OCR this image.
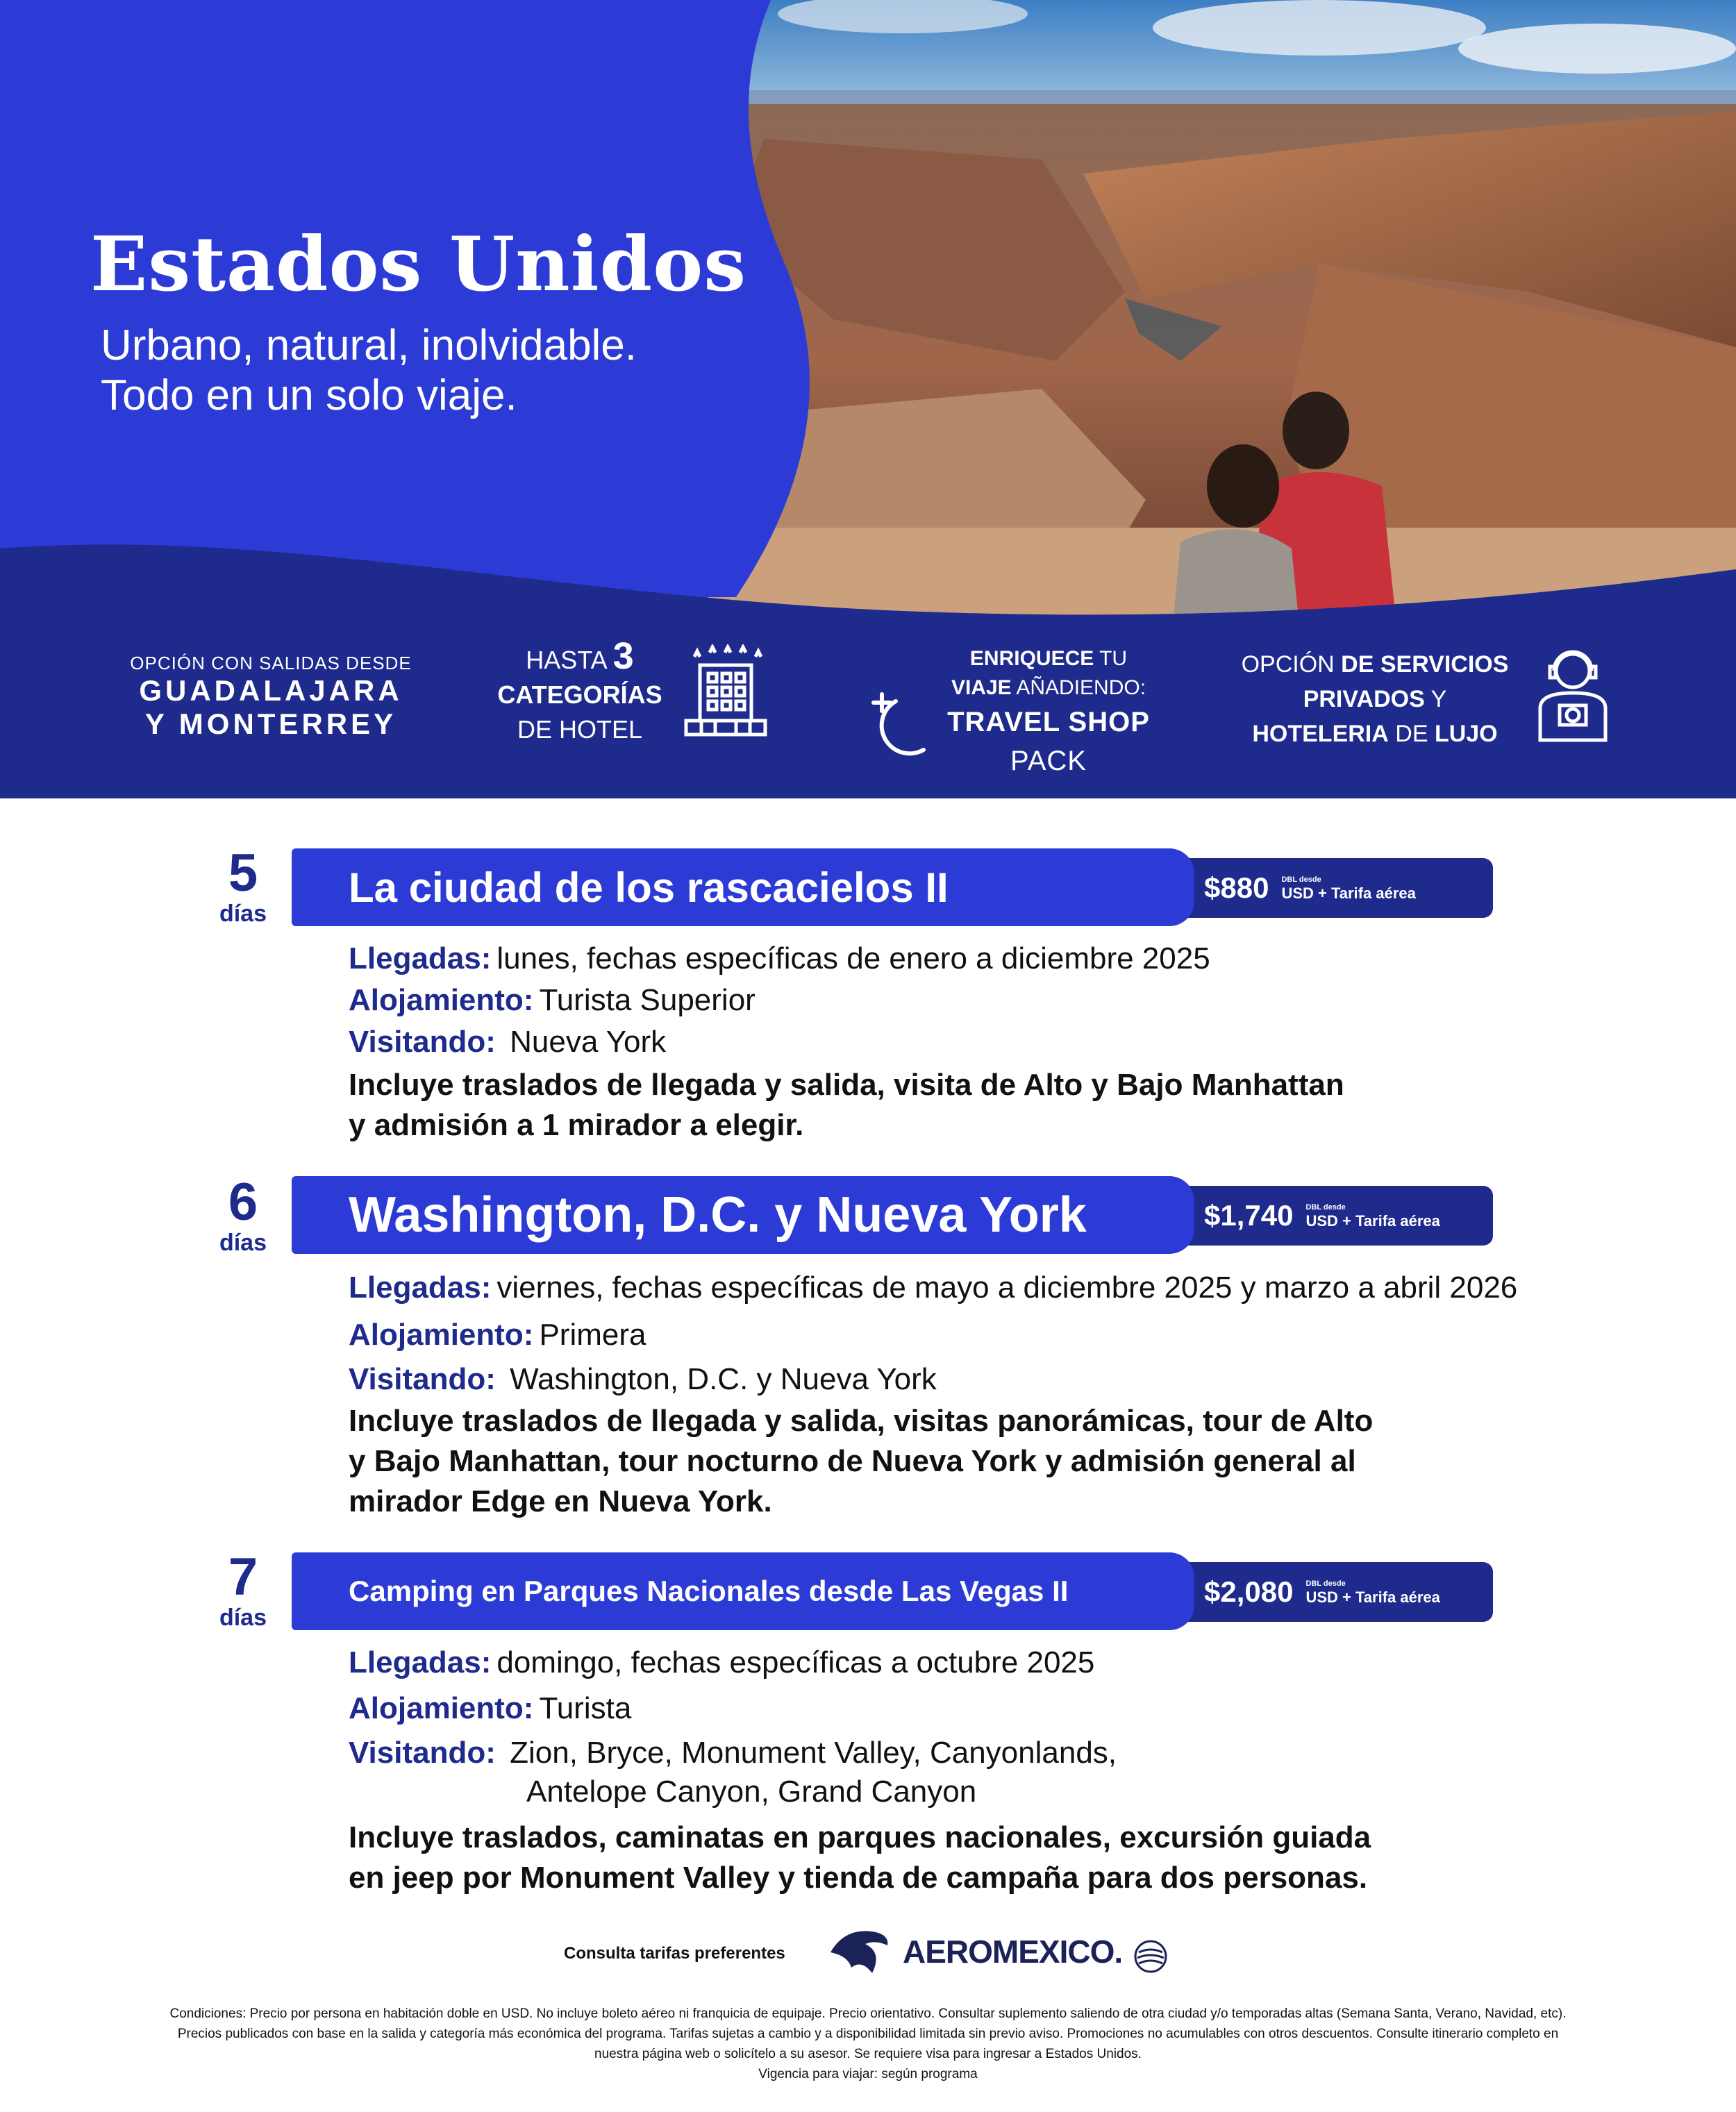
Estados Unidos
Urbano, natural, inolvidable.
Todo en un solo viaje.
OPCIÓN CON SALIDAS DESDE
GUADALAJARA
Y MONTERREY
HASTA 3
CATEGORÍAS
DE HOTEL
ENRIQUECE TU
VIAJE AÑADIENDO:
TRAVEL SHOP PACK
OPCIÓN DE SERVICIOS
PRIVADOS Y
HOTELERIA DE LUJO
5
días
La ciudad de los rascacielos II	$880 DBL desde
USD + Tarifa aérea
Llegadas: lunes, fechas específicas de enero a diciembre 2025
Alojamiento: Turista Superior
Visitando: Nueva York
Incluye traslados de llegada y salida, visita de Alto y Bajo Manhattan
y admisión a 1 mirador a elegir.
6
días Washington, D.C. y Nueva York	$1,740 DBL desde
USD + Tarifa aérea
Llegadas: viernes, fechas específicas de mayo a diciembre 2025 y marzo a abril 2026
Alojamiento: Primera
Visitando: Washington, D.C. y Nueva York
Incluye traslados de llegada y salida, visitas panorámicas, tour de Alto
y Bajo Manhattan, tour nocturno de Nueva York y admisión general al
mirador Edge en Nueva York.
7
días
Camping en Parques Nacionales desde Las Vegas II	$2,080 DBL desde
USD + Tarifa aérea
Llegadas: domingo, fechas específicas a octubre 2025
Alojamiento: Turista
Visitando: Zion, Bryce, Monument Valley, Canyonlands,
Antelope Canyon, Grand Canyon
Incluye traslados, caminatas en parques nacionales, excursión guiada
en jeep por Monument Valley y tienda de campaña para dos personas.
Consulta tarifas preferentes	AEROMEXICO.
Condiciones: Precio por persona en habitación doble en USD. No incluye boleto aéreo ni franquicia de equipaje. Precio orientativo. Consultar suplemento saliendo de otra ciudad y/o temporadas altas (Semana Santa, Verano, Navidad, etc).
Precios publicados con base en la salida y categoría más económica del programa. Tarifas sujetas a cambio y a disponibilidad limitada sin previo aviso. Promociones no acumulables con otros descuentos. Consulte itinerario completo en
nuestra página web o solicítelo a su asesor. Se requiere visa para ingresar a Estados Unidos.
Vigencia para viajar: según programa
